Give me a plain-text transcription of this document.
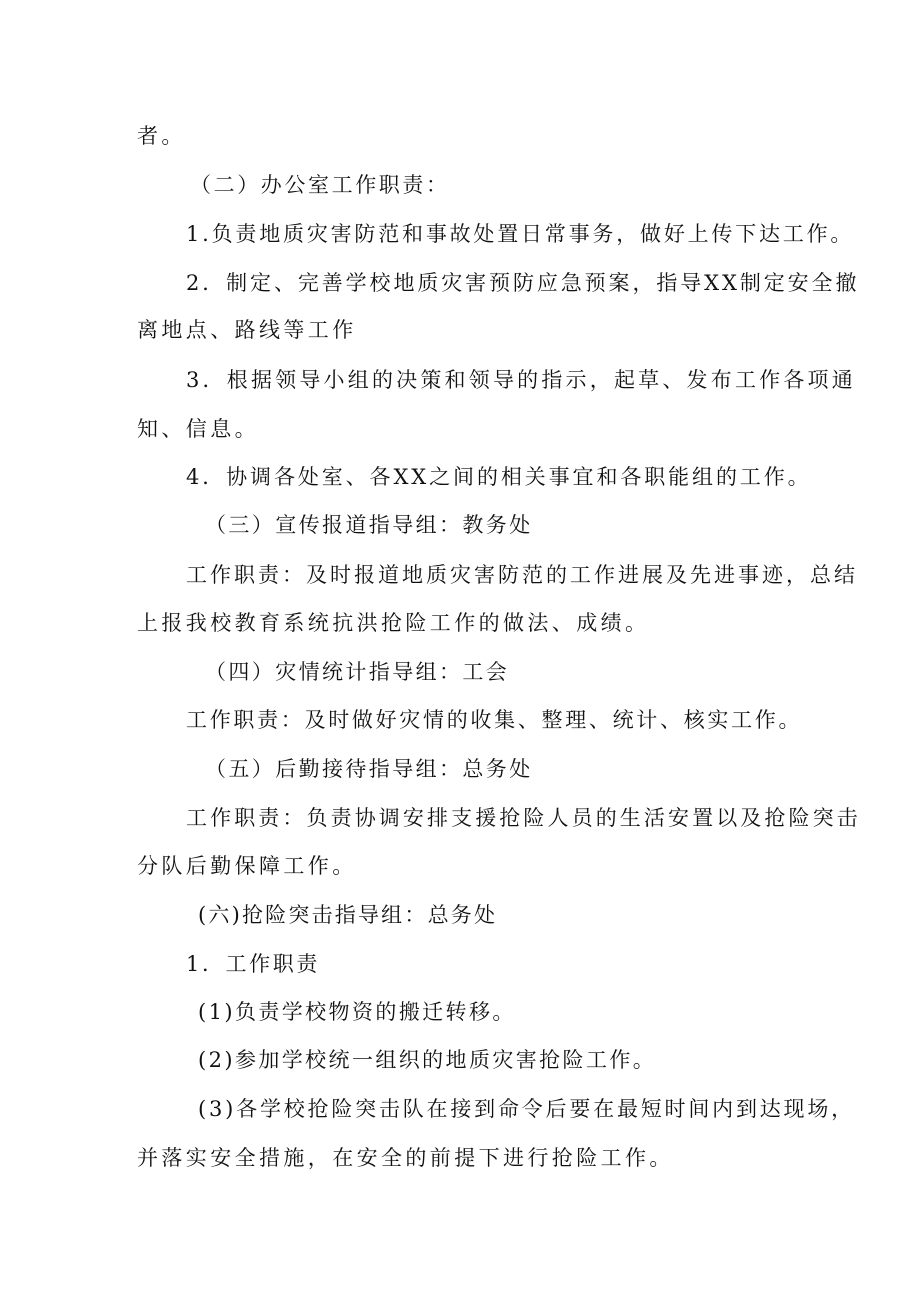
者。
（二）办公室工作职责：
1.负责地质灾害防范和事故处置日常事务，做好上传下达工作。
2．制定、完善学校地质灾害预防应急预案，指导XX制定安全撤
离地点、路线等工作
3．根据领导小组的决策和领导的指示，起草、发布工作各项通
知、信息。
4．协调各处室、各XX之间的相关事宜和各职能组的工作。
（三）宣传报道指导组：教务处
工作职责：及时报道地质灾害防范的工作进展及先进事迹，总结
上报我校教育系统抗洪抢险工作的做法、成绩。
（四）灾情统计指导组：工会
工作职责：及时做好灾情的收集、整理、统计、核实工作。
（五）后勤接待指导组：总务处
工作职责：负责协调安排支援抢险人员的生活安置以及抢险突击
分队后勤保障工作。
(六)抢险突击指导组：总务处
1．工作职责
(1)负责学校物资的搬迁转移。
(2)参加学校统一组织的地质灾害抢险工作。
(3)各学校抢险突击队在接到命令后要在最短时间内到达现场，
并落实安全措施，在安全的前提下进行抢险工作。
